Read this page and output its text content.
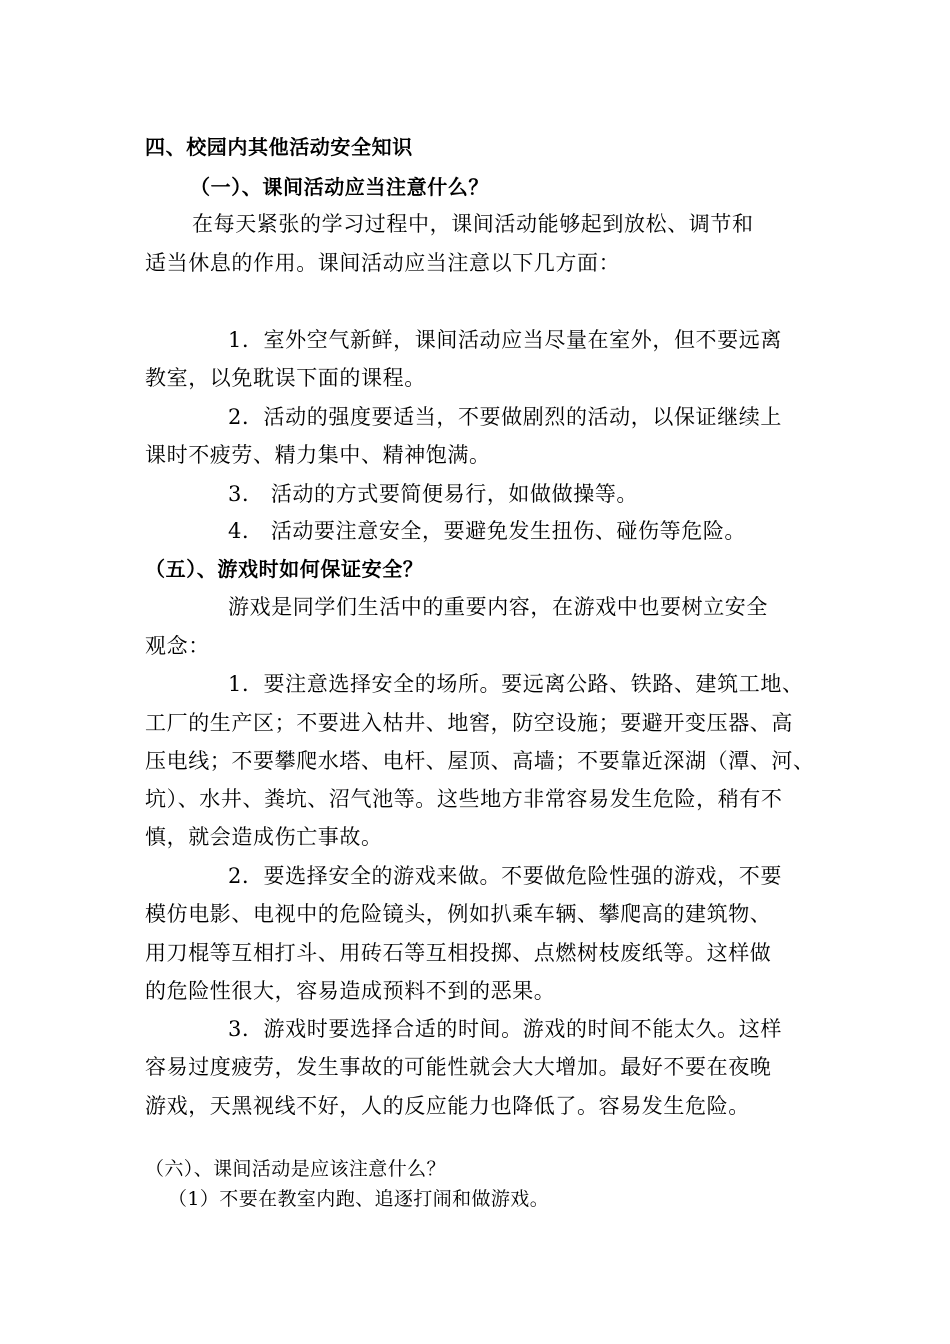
四、校园内其他活动安全知识
（一）、课间活动应当注意什么？
在每天紧张的学习过程中，课间活动能够起到放松、调节和
适当休息的作用。课间活动应当注意以下几方面：
1．室外空气新鲜，课间活动应当尽量在室外，但不要远离
教室，以免耽误下面的课程。
2．活动的强度要适当，不要做剧烈的活动，以保证继续上
课时不疲劳、精力集中、精神饱满。
3． 活动的方式要简便易行，如做做操等。
4． 活动要注意安全，要避免发生扭伤、碰伤等危险。
（五）、游戏时如何保证安全？
游戏是同学们生活中的重要内容，在游戏中也要树立安全
观念：
1．要注意选择安全的场所。要远离公路、铁路、建筑工地、
工厂的生产区；不要进入枯井、地窖，防空设施；要避开变压器、高
压电线；不要攀爬水塔、电杆、屋顶、高墙；不要靠近深湖（潭、河、
坑）、水井、粪坑、沼气池等。这些地方非常容易发生危险，稍有不
慎，就会造成伤亡事故。
2．要选择安全的游戏来做。不要做危险性强的游戏，不要
模仿电影、电视中的危险镜头，例如扒乘车辆、攀爬高的建筑物、
用刀棍等互相打斗、用砖石等互相投掷、点燃树枝废纸等。这样做
的危险性很大，容易造成预料不到的恶果。
3．游戏时要选择合适的时间。游戏的时间不能太久。这样
容易过度疲劳，发生事故的可能性就会大大增加。最好不要在夜晚
游戏，天黑视线不好，人的反应能力也降低了。容易发生危险。
（六）、课间活动是应该注意什么？
（1）不要在教室内跑、追逐打闹和做游戏。
